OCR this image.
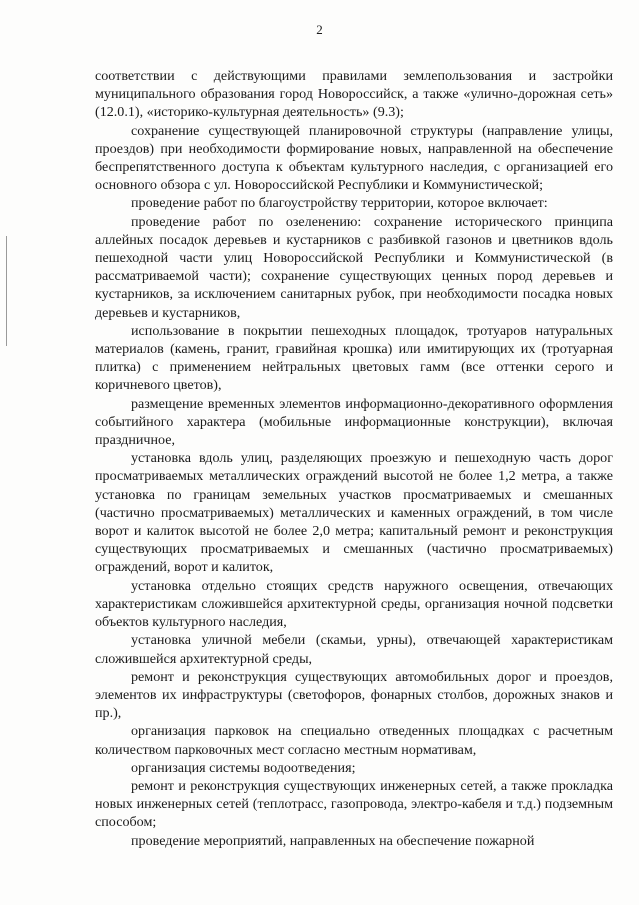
2

соответствии с действующими правилами землепользования и застройки муниципального образования город Новороссийск, а также «улично-дорожная сеть» (12.0.1), «историко-культурная деятельность» (9.3);

сохранение существующей планировочной структуры (направление улицы, проездов) при необходимости формирование новых, направленной на обеспечение беспрепятственного доступа к объектам культурного наследия, с организацией его основного обзора с ул. Новороссийской Республики и Коммунистической;

проведение работ по благоустройству территории, которое включает:

проведение работ по озеленению: сохранение исторического принципа аллейных посадок деревьев и кустарников с разбивкой газонов и цветников вдоль пешеходной части улиц Новороссийской Республики и Коммунистической (в рассматриваемой части); сохранение существующих ценных пород деревьев и кустарников, за исключением санитарных рубок, при необходимости посадка новых деревьев и кустарников,

использование в покрытии пешеходных площадок, тротуаров натуральных материалов (камень, гранит, гравийная крошка) или имитирующих их (тротуарная плитка) с применением нейтральных цветовых гамм (все оттенки серого и коричневого цветов),

размещение временных элементов информационно-декоративного оформления событийного характера (мобильные информационные конструкции), включая праздничное,

установка вдоль улиц, разделяющих проезжую и пешеходную часть дорог просматриваемых металлических ограждений высотой не более 1,2 метра, а также установка по границам земельных участков просматриваемых и смешанных (частично просматриваемых) металлических и каменных ограждений, в том числе ворот и калиток высотой не более 2,0 метра; капитальный ремонт и реконструкция существующих просматриваемых и смешанных (частично просматриваемых) ограждений, ворот и калиток,

установка отдельно стоящих средств наружного освещения, отвечающих характеристикам сложившейся архитектурной среды, организация ночной подсветки объектов культурного наследия,

установка уличной мебели (скамьи, урны), отвечающей характеристикам сложившейся архитектурной среды,

ремонт и реконструкция существующих автомобильных дорог и проездов, элементов их инфраструктуры (светофоров, фонарных столбов, дорожных знаков и пр.),

организация парковок на специально отведенных площадках с расчетным количеством парковочных мест согласно местным нормативам,

организация системы водоотведения;

ремонт и реконструкция существующих инженерных сетей, а также прокладка новых инженерных сетей (теплотрасс, газопровода, электро-кабеля и т.д.) подземным способом;

проведение мероприятий, направленных на обеспечение пожарной
